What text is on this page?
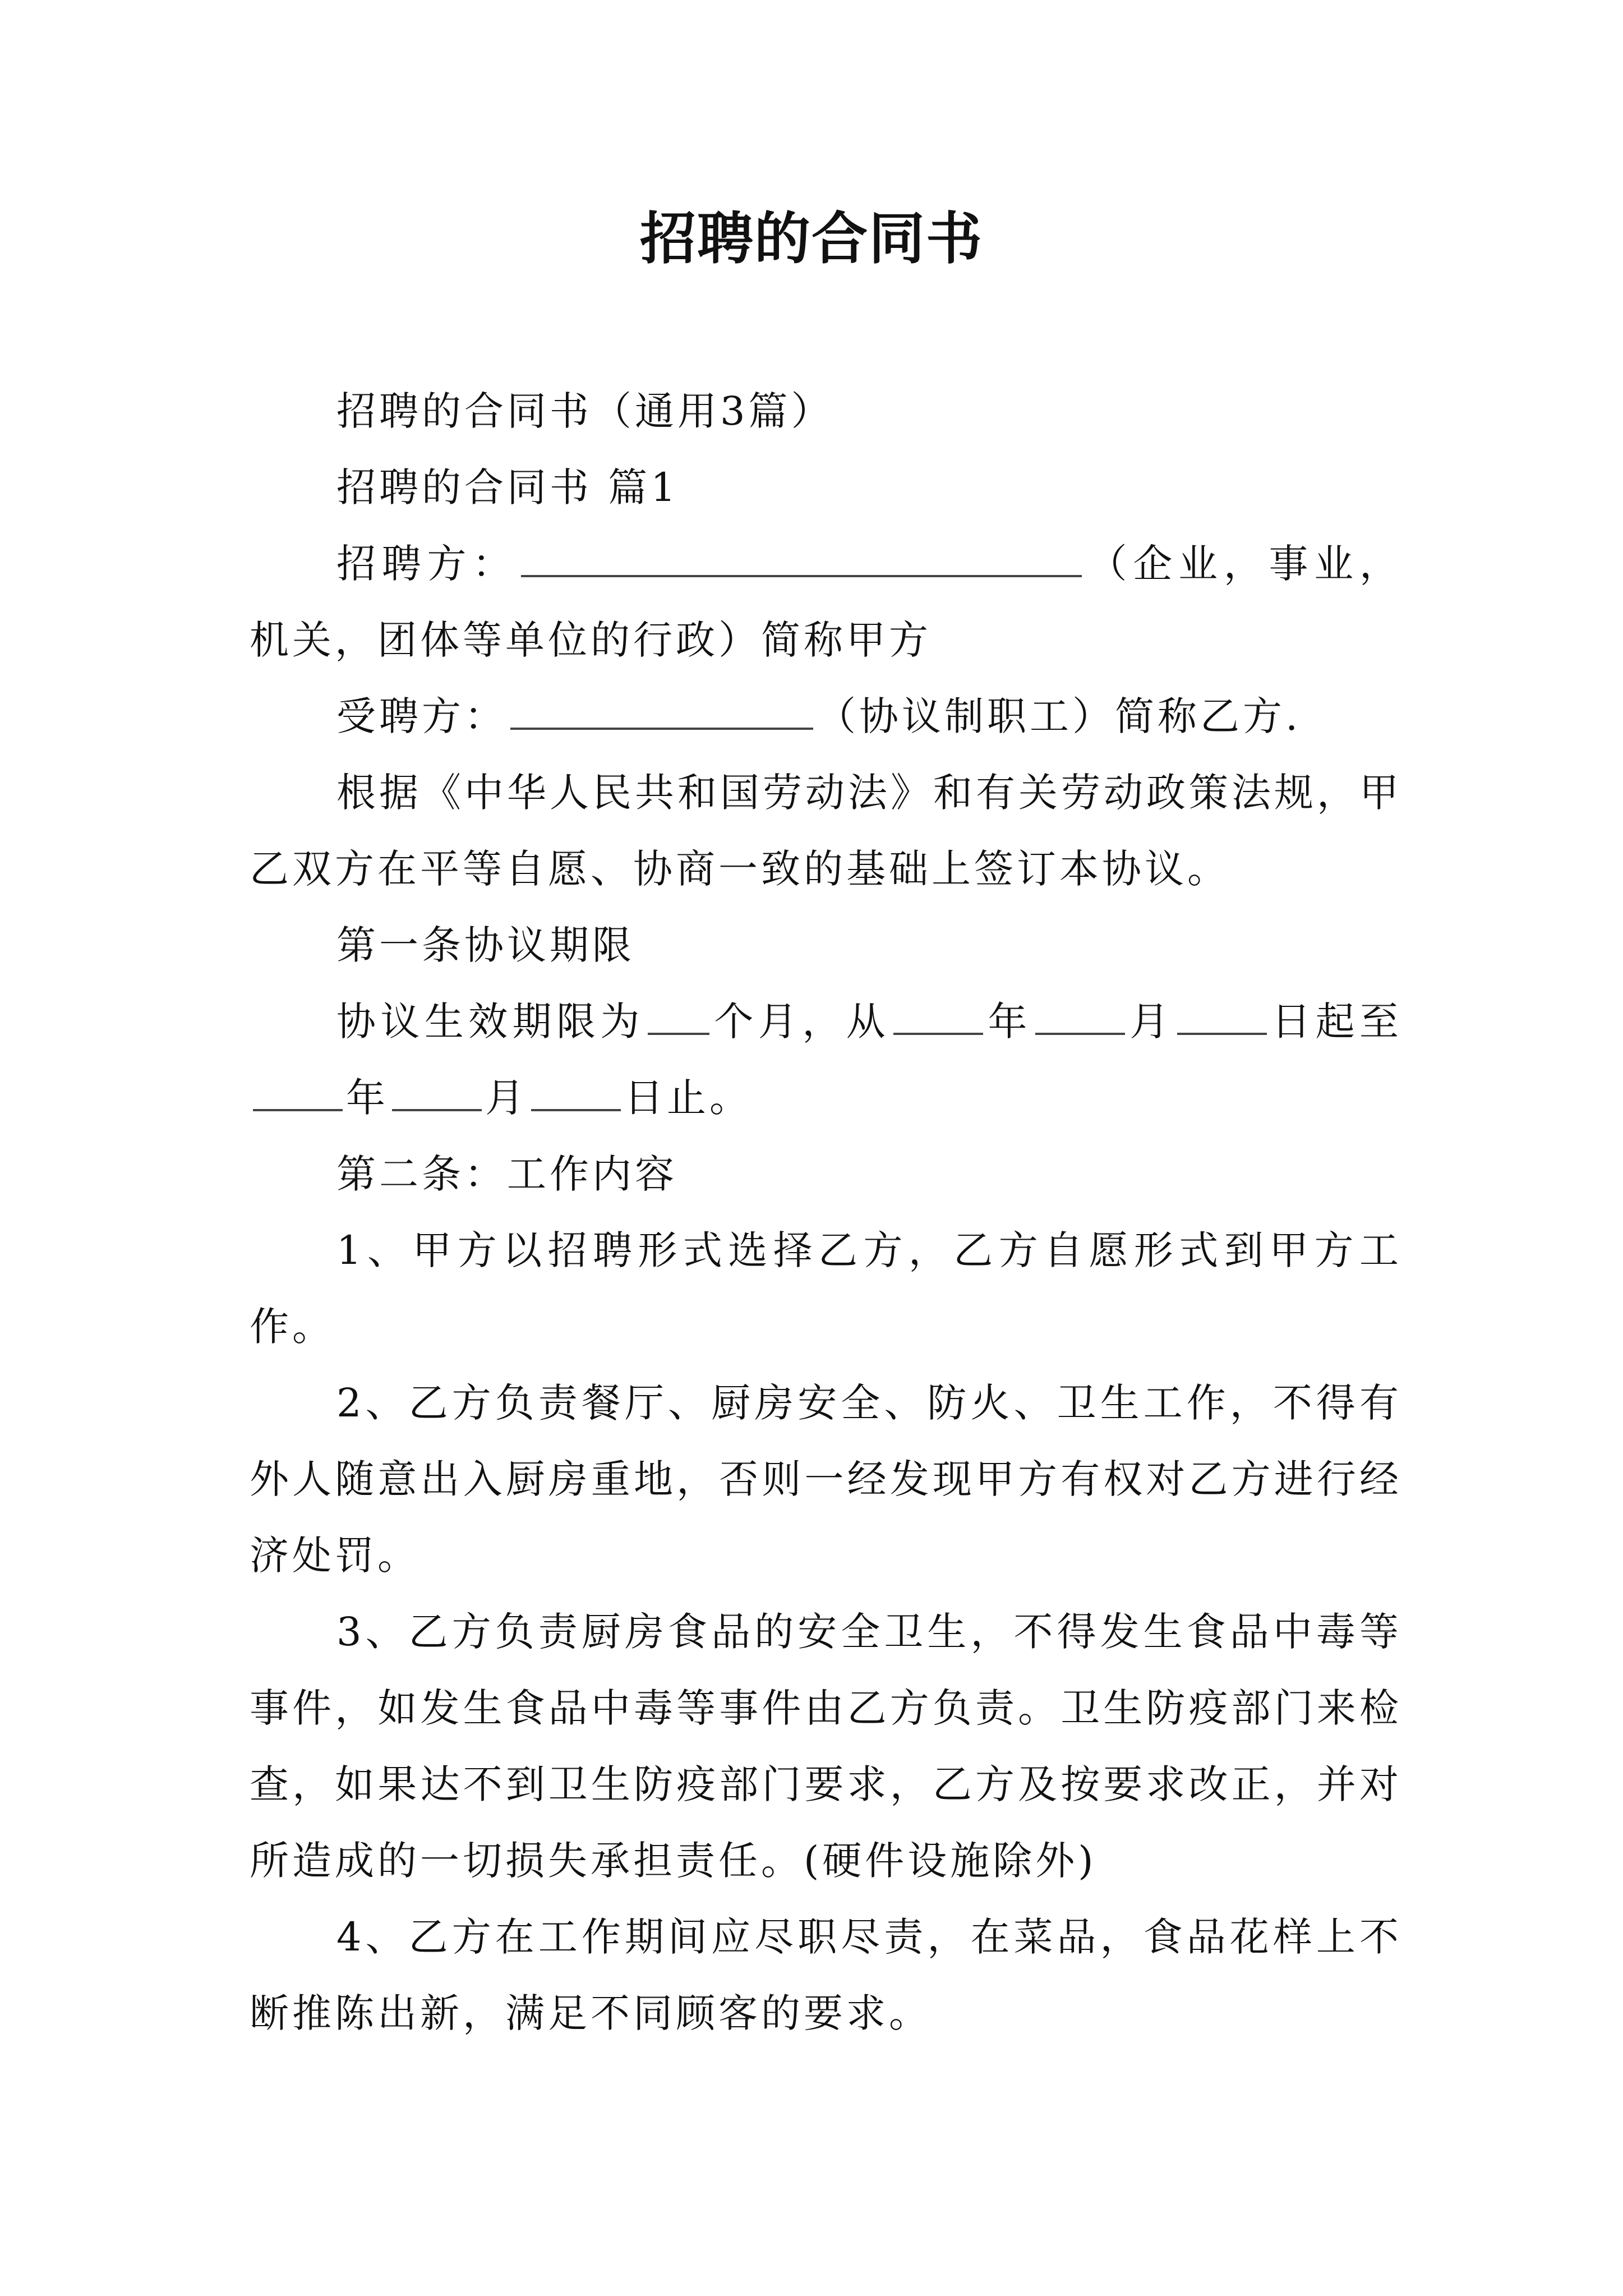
招聘的合同书

招聘的合同书（通用3篇）

招聘的合同书 篇1

招聘方：	（企业，事业，机关，团体等单位的行政）简称甲方

受聘方：	（协议制职工）简称乙方.

根据《中华人民共和国劳动法》和有关劳动政策法规，甲乙双方在平等自愿、协商一致的基础上签订本协议。

第一条协议期限

协议生效期限为 个月，从 年 月 日起至年 月 日止。

第二条：工作内容

1、甲方以招聘形式选择乙方，乙方自愿形式到甲方工作。

2、乙方负责餐厅、厨房安全、防火、卫生工作，不得有外人随意出入厨房重地，否则一经发现甲方有权对乙方进行经济处罚。

3、乙方负责厨房食品的安全卫生，不得发生食品中毒等事件，如发生食品中毒等事件由乙方负责。卫生防疫部门来检查，如果达不到卫生防疫部门要求，乙方及按要求改正，并对所造成的一切损失承担责任。(硬件设施除外)

4、乙方在工作期间应尽职尽责，在菜品，食品花样上不断推陈出新，满足不同顾客的要求。
